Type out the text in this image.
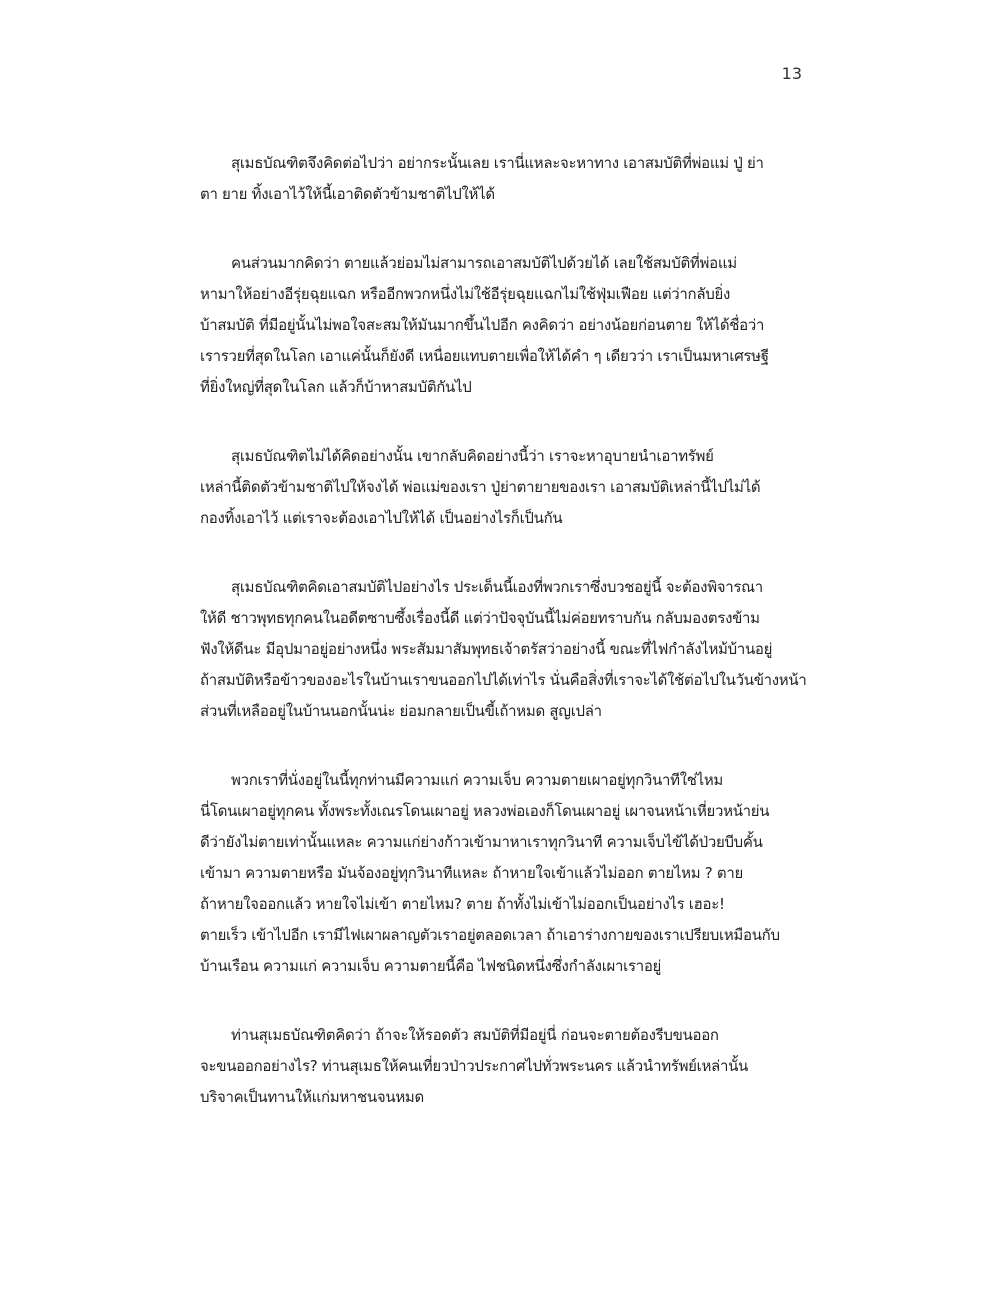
13
สุเมธบัณฑิตจึงคิดต่อไปว่า อย่ากระนั้นเลย เรานี่แหละจะหาทาง เอาสมบัติที่พ่อแม่ ปู่ ย่า
ตา ยาย ทิ้งเอาไว้ให้นี้เอาติดตัวข้ามชาติไปให้ได้
คนส่วนมากคิดว่า ตายแล้วย่อมไม่สามารถเอาสมบัติไปด้วยได้ เลยใช้สมบัติที่พ่อแม่
หามาให้อย่างอีรุ่ยฉุยแฉก หรืออีกพวกหนึ่งไม่ใช้อีรุ่ยฉุยแฉกไม่ใช้ฟุ่มเฟือย แต่ว่ากลับยิ่ง
บ้าสมบัติ ที่มีอยู่นั้นไม่พอใจสะสมให้มันมากขึ้นไปอีก คงคิดว่า อย่างน้อยก่อนตาย ให้ได้ชื่อว่า
เรารวยที่สุดในโลก เอาแค่นั้นก็ยังดี เหนื่อยแทบตายเพื่อให้ได้คำ ๆ เดียวว่า เราเป็นมหาเศรษฐี
ที่ยิ่งใหญ่ที่สุดในโลก แล้วก็บ้าหาสมบัติกันไป
สุเมธบัณฑิตไม่ได้คิดอย่างนั้น เขากลับคิดอย่างนี้ว่า เราจะหาอุบายนำเอาทรัพย์
เหล่านี้ติดตัวข้ามชาติไปให้จงได้ พ่อแม่ของเรา ปู่ย่าตายายของเรา เอาสมบัติเหล่านี้ไปไม่ได้
กองทิ้งเอาไว้ แต่เราจะต้องเอาไปให้ได้ เป็นอย่างไรก็เป็นกัน
สุเมธบัณฑิตคิดเอาสมบัติไปอย่างไร ประเด็นนี้เองที่พวกเราซึ่งบวชอยู่นี้ จะต้องพิจารณา
ให้ดี ชาวพุทธทุกคนในอดีตซาบซึ้งเรื่องนี้ดี แต่ว่าปัจจุบันนี้ไม่ค่อยทราบกัน กลับมองตรงข้าม
ฟังให้ดีนะ มีอุปมาอยู่อย่างหนึ่ง พระสัมมาสัมพุทธเจ้าตรัสว่าอย่างนี้ ขณะที่ไฟกำลังไหม้บ้านอยู่
ถ้าสมบัติหรือข้าวของอะไรในบ้านเราขนออกไปได้เท่าไร นั่นคือสิ่งที่เราจะได้ใช้ต่อไปในวันข้างหน้า
ส่วนที่เหลืออยู่ในบ้านนอกนั้นน่ะ ย่อมกลายเป็นขี้เถ้าหมด สูญเปล่า
พวกเราที่นั่งอยู่ในนี้ทุกท่านมีความแก่ ความเจ็บ ความตายเผาอยู่ทุกวินาทีใช่ไหม
นี่โดนเผาอยู่ทุกคน ทั้งพระทั้งเณรโดนเผาอยู่ หลวงพ่อเองก็โดนเผาอยู่ เผาจนหน้าเหี่ยวหน้าย่น
ดีว่ายังไม่ตายเท่านั้นแหละ ความแก่ย่างก้าวเข้ามาหาเราทุกวินาที ความเจ็บไข้ได้ป่วยบีบคั้น
เข้ามา ความตายหรือ มันจ้องอยู่ทุกวินาทีแหละ ถ้าหายใจเข้าแล้วไม่ออก ตายไหม ? ตาย
ถ้าหายใจออกแล้ว หายใจไม่เข้า ตายไหม? ตาย ถ้าทั้งไม่เข้าไม่ออกเป็นอย่างไร เฮอะ!
ตายเร็ว เข้าไปอีก เรามีไฟเผาผลาญตัวเราอยู่ตลอดเวลา ถ้าเอาร่างกายของเราเปรียบเหมือนกับ
บ้านเรือน ความแก่ ความเจ็บ ความตายนี้คือ ไฟชนิดหนึ่งซึ่งกำลังเผาเราอยู่
ท่านสุเมธบัณฑิตคิดว่า ถ้าจะให้รอดตัว สมบัติที่มีอยู่นี่ ก่อนจะตายต้องรีบขนออก
จะขนออกอย่างไร? ท่านสุเมธให้คนเที่ยวป่าวประกาศไปทั่วพระนคร แล้วนำทรัพย์เหล่านั้น
บริจาคเป็นทานให้แก่มหาชนจนหมด
